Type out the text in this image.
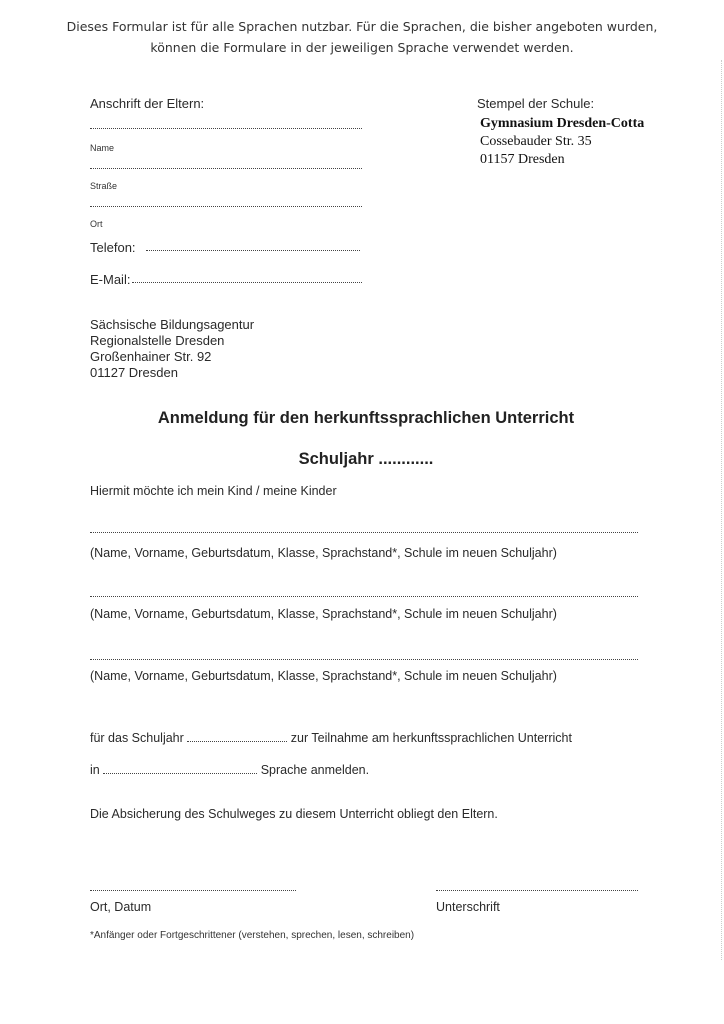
Dieses Formular ist für alle Sprachen nutzbar. Für die Sprachen, die bisher angeboten wurden,
können die Formulare in der jeweiligen Sprache verwendet werden.
Anschrift der Eltern:
Name
Straße
Ort
Telefon:
E-Mail:
Stempel der Schule:
Gymnasium Dresden-Cotta
Cossebauder Str. 35
01157 Dresden
Sächsische Bildungsagentur
Regionalstelle Dresden
Großenhainer Str. 92
01127 Dresden
Anmeldung für den herkunftssprachlichen Unterricht
Schuljahr ............
Hiermit möchte ich mein Kind / meine Kinder
(Name, Vorname, Geburtsdatum, Klasse, Sprachstand*, Schule im neuen Schuljahr)
(Name, Vorname, Geburtsdatum, Klasse, Sprachstand*, Schule im neuen Schuljahr)
(Name, Vorname, Geburtsdatum, Klasse, Sprachstand*, Schule im neuen Schuljahr)
für das Schuljahr	zur Teilnahme am herkunftssprachlichen Unterricht
in	Sprache anmelden.
Die Absicherung des Schulweges zu diesem Unterricht obliegt den Eltern.
Ort, Datum	Unterschrift
*Anfänger oder Fortgeschrittener (verstehen, sprechen, lesen, schreiben)
